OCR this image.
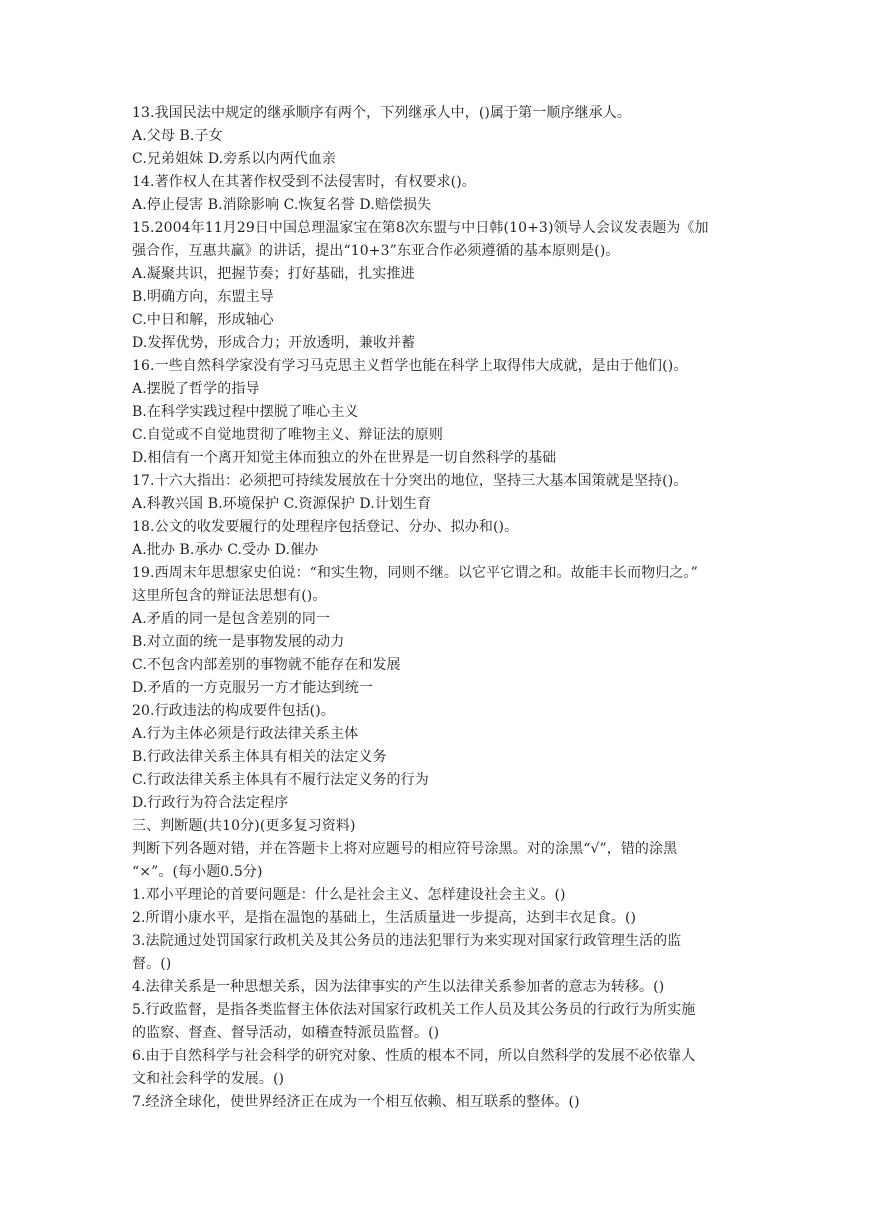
13.我国民法中规定的继承顺序有两个，下列继承人中，()属于第一顺序继承人。
A.父母 B.子女
C.兄弟姐妹 D.旁系以内两代血亲
14.著作权人在其著作权受到不法侵害时，有权要求()。
A.停止侵害 B.消除影响 C.恢复名誉 D.赔偿损失
15.2004年11月29日中国总理温家宝在第8次东盟与中日韩(10+3)领导人会议发表题为《加
强合作，互惠共赢》的讲话，提出“10+3”东亚合作必须遵循的基本原则是()。
A.凝聚共识，把握节奏；打好基础，扎实推进
B.明确方向，东盟主导
C.中日和解，形成轴心
D.发挥优势，形成合力；开放透明，兼收并蓄
16.一些自然科学家没有学习马克思主义哲学也能在科学上取得伟大成就，是由于他们()。
A.摆脱了哲学的指导
B.在科学实践过程中摆脱了唯心主义
C.自觉或不自觉地贯彻了唯物主义、辩证法的原则
D.相信有一个离开知觉主体而独立的外在世界是一切自然科学的基础
17.十六大指出：必须把可持续发展放在十分突出的地位，坚持三大基本国策就是坚持()。
A.科教兴国 B.环境保护 C.资源保护 D.计划生育
18.公文的收发要履行的处理程序包括登记、分办、拟办和()。
A.批办 B.承办 C.受办 D.催办
19.西周末年思想家史伯说：“和实生物，同则不继。以它平它谓之和。故能丰长而物归之。”
这里所包含的辩证法思想有()。
A.矛盾的同一是包含差别的同一
B.对立面的统一是事物发展的动力
C.不包含内部差别的事物就不能存在和发展
D.矛盾的一方克服另一方才能达到统一
20.行政违法的构成要件包括()。
A.行为主体必须是行政法律关系主体
B.行政法律关系主体具有相关的法定义务
C.行政法律关系主体具有不履行法定义务的行为
D.行政行为符合法定程序
三、判断题(共10分)(更多复习资料)
判断下列各题对错，并在答题卡上将对应题号的相应符号涂黑。对的涂黑“√”，错的涂黑
“×”。(每小题0.5分)
1.邓小平理论的首要问题是：什么是社会主义、怎样建设社会主义。()
2.所谓小康水平，是指在温饱的基础上，生活质量进一步提高，达到丰衣足食。()
3.法院通过处罚国家行政机关及其公务员的违法犯罪行为来实现对国家行政管理生活的监
督。()
4.法律关系是一种思想关系，因为法律事实的产生以法律关系参加者的意志为转移。()
5.行政监督，是指各类监督主体依法对国家行政机关工作人员及其公务员的行政行为所实施
的监察、督查、督导活动，如稽查特派员监督。()
6.由于自然科学与社会科学的研究对象、性质的根本不同，所以自然科学的发展不必依靠人
文和社会科学的发展。()
7.经济全球化，使世界经济正在成为一个相互依赖、相互联系的整体。()
